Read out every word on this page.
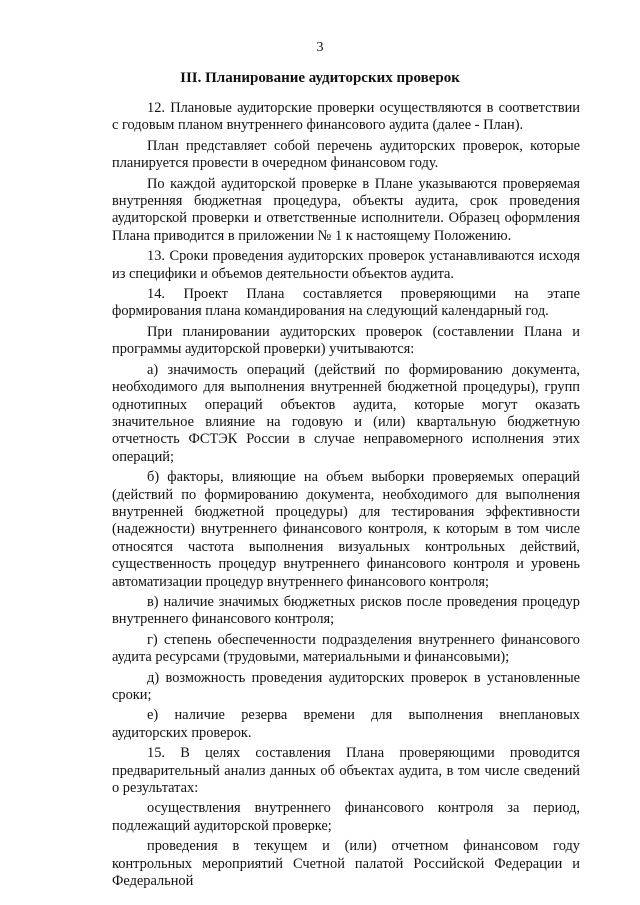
3
III. Планирование аудиторских проверок

12. Плановые аудиторские проверки осуществляются в соответствии с годовым планом внутреннего финансового аудита (далее - План).

План представляет собой перечень аудиторских проверок, которые планируется провести в очередном финансовом году.

По каждой аудиторской проверке в Плане указываются проверяемая внутренняя бюджетная процедура, объекты аудита, срок проведения аудиторской проверки и ответственные исполнители. Образец оформления Плана приводится в приложении № 1 к настоящему Положению.

13. Сроки проведения аудиторских проверок устанавливаются исходя из специфики и объемов деятельности объектов аудита.

14. Проект Плана составляется проверяющими на этапе формирования плана командирования на следующий календарный год.

При планировании аудиторских проверок (составлении Плана и программы аудиторской проверки) учитываются:

а) значимость операций (действий по формированию документа, необходимого для выполнения внутренней бюджетной процедуры), групп однотипных операций объектов аудита, которые могут оказать значительное влияние на годовую и (или) квартальную бюджетную отчетность ФСТЭК России в случае неправомерного исполнения этих операций;

б) факторы, влияющие на объем выборки проверяемых операций (действий по формированию документа, необходимого для выполнения внутренней бюджетной процедуры) для тестирования эффективности (надежности) внутреннего финансового контроля, к которым в том числе относятся частота выполнения визуальных контрольных действий, существенность процедур внутреннего финансового контроля и уровень автоматизации процедур внутреннего финансового контроля;

в) наличие значимых бюджетных рисков после проведения процедур внутреннего финансового контроля;

г) степень обеспеченности подразделения внутреннего финансового аудита ресурсами (трудовыми, материальными и финансовыми);

д) возможность проведения аудиторских проверок в установленные сроки;

е) наличие резерва времени для выполнения внеплановых аудиторских проверок.

15. В целях составления Плана проверяющими проводится предварительный анализ данных об объектах аудита, в том числе сведений о результатах:

осуществления внутреннего финансового контроля за период, подлежащий аудиторской проверке;

проведения в текущем и (или) отчетном финансовом году контрольных мероприятий Счетной палатой Российской Федерации и Федеральной
